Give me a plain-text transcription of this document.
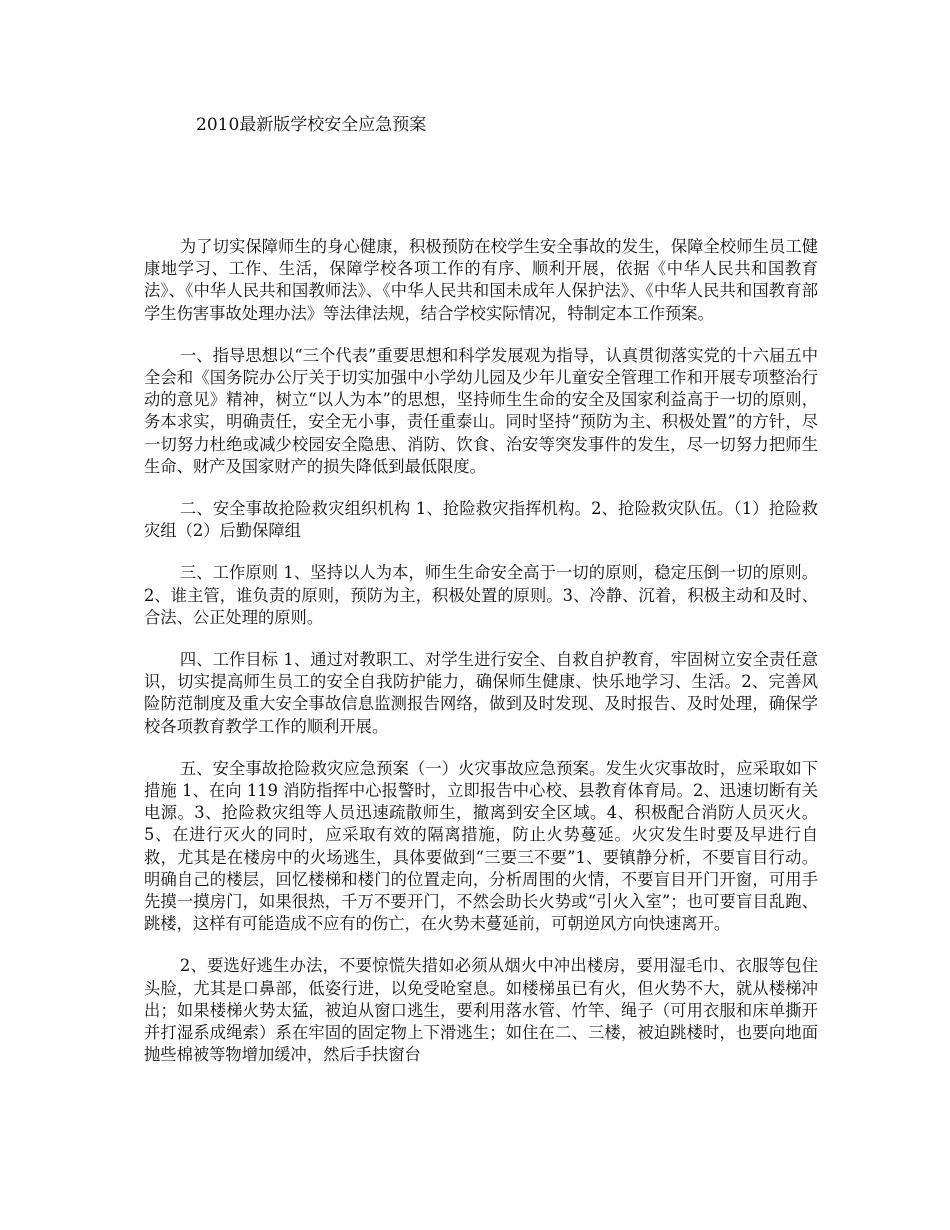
2010最新版学校安全应急预案

为了切实保障师生的身心健康，积极预防在校学生安全事故的发生，保障全校师生员工健康地学习、工作、生活，保障学校各项工作的有序、顺利开展，依据《中华人民共和国教育法》、《中华人民共和国教师法》、《中华人民共和国未成年人保护法》、《中华人民共和国教育部学生伤害事故处理办法》等法律法规，结合学校实际情况，特制定本工作预案。

一、指导思想以“三个代表”重要思想和科学发展观为指导，认真贯彻落实党的十六届五中全会和《国务院办公厅关于切实加强中小学幼儿园及少年儿童安全管理工作和开展专项整治行动的意见》精神，树立“以人为本”的思想，坚持师生生命的安全及国家利益高于一切的原则，务本求实，明确责任，安全无小事，责任重泰山。同时坚持“预防为主、积极处置”的方针，尽一切努力杜绝或减少校园安全隐患、消防、饮食、治安等突发事件的发生，尽一切努力把师生生命、财产及国家财产的损失降低到最低限度。

二、安全事故抢险救灾组织机构 1、抢险救灾指挥机构。2、抢险救灾队伍。（1）抢险救灾组（2）后勤保障组

三、工作原则 1、坚持以人为本，师生生命安全高于一切的原则，稳定压倒一切的原则。2、谁主管，谁负责的原则，预防为主，积极处置的原则。3、冷静、沉着，积极主动和及时、合法、公正处理的原则。

四、工作目标 1、通过对教职工、对学生进行安全、自救自护教育，牢固树立安全责任意识，切实提高师生员工的安全自我防护能力，确保师生健康、快乐地学习、生活。2、完善风险防范制度及重大安全事故信息监测报告网络，做到及时发现、及时报告、及时处理，确保学校各项教育教学工作的顺利开展。

五、安全事故抢险救灾应急预案（一）火灾事故应急预案。发生火灾事故时，应采取如下措施 1、在向 119 消防指挥中心报警时，立即报告中心校、县教育体育局。2、迅速切断有关电源。3、抢险救灾组等人员迅速疏散师生，撤离到安全区域。4、积极配合消防人员灭火。5、在进行灭火的同时，应采取有效的隔离措施，防止火势蔓延。火灾发生时要及早进行自救，尤其是在楼房中的火场逃生，具体要做到“三要三不要”1、要镇静分析，不要盲目行动。明确自己的楼层，回忆楼梯和楼门的位置走向，分析周围的火情，不要盲目开门开窗，可用手先摸一摸房门，如果很热，千万不要开门，不然会助长火势或“引火入室”；也可要盲目乱跑、跳楼，这样有可能造成不应有的伤亡，在火势未蔓延前，可朝逆风方向快速离开。

2、要选好逃生办法，不要惊慌失措如必须从烟火中冲出楼房，要用湿毛巾、衣服等包住头脸，尤其是口鼻部，低姿行进，以免受呛窒息。如楼梯虽已有火，但火势不大，就从楼梯冲出；如果楼梯火势太猛，被迫从窗口逃生，要利用落水管、竹竿、绳子（可用衣服和床单撕开并打湿系成绳索）系在牢固的固定物上下滑逃生；如住在二、三楼，被迫跳楼时，也要向地面抛些棉被等物增加缓冲，然后手扶窗台
